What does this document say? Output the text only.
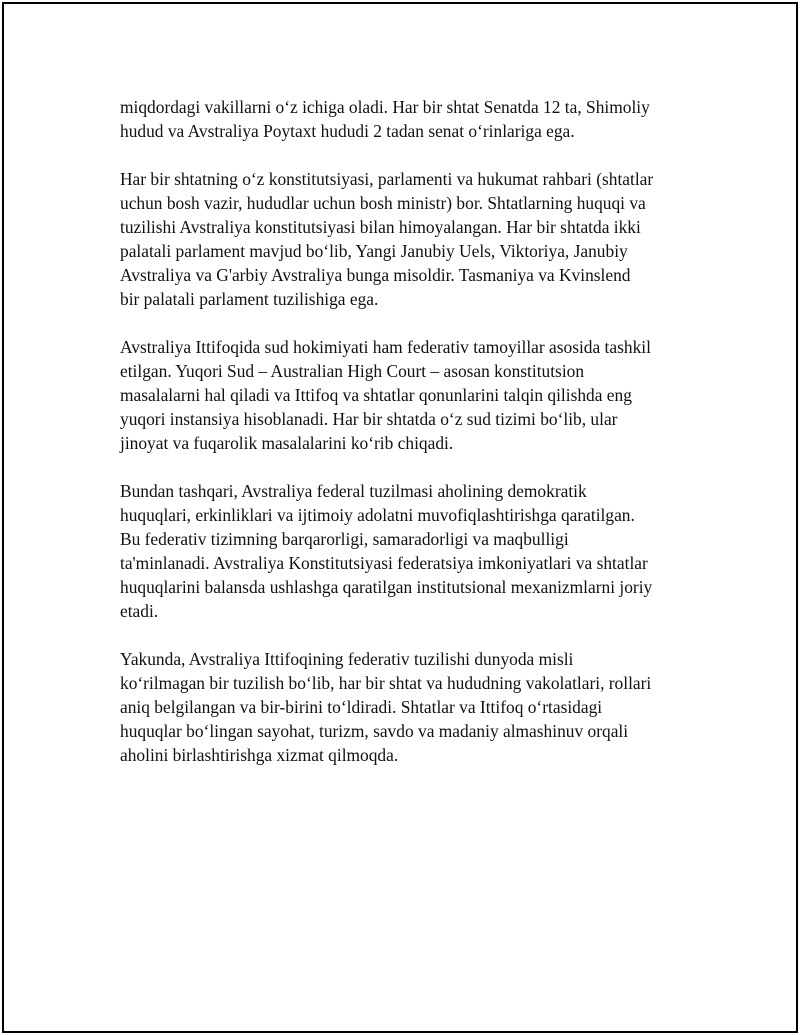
miqdordagi vakillarni o‘z ichiga oladi. Har bir shtat Senatda 12 ta, Shimoliy
hudud va Avstraliya Poytaxt hududi 2 tadan senat o‘rinlariga ega.

Har bir shtatning o‘z konstitutsiyasi, parlamenti va hukumat rahbari (shtatlar
uchun bosh vazir, hududlar uchun bosh ministr) bor. Shtatlarning huquqi va
tuzilishi Avstraliya konstitutsiyasi bilan himoyalangan. Har bir shtatda ikki
palatali parlament mavjud bo‘lib, Yangi Janubiy Uels, Viktoriya, Janubiy
Avstraliya va G'arbiy Avstraliya bunga misoldir. Tasmaniya va Kvinslend
bir palatali parlament tuzilishiga ega.

Avstraliya Ittifoqida sud hokimiyati ham federativ tamoyillar asosida tashkil
etilgan. Yuqori Sud – Australian High Court – asosan konstitutsion
masalalarni hal qiladi va Ittifoq va shtatlar qonunlarini talqin qilishda eng
yuqori instansiya hisoblanadi. Har bir shtatda o‘z sud tizimi bo‘lib, ular
jinoyat va fuqarolik masalalarini ko‘rib chiqadi.

Bundan tashqari, Avstraliya federal tuzilmasi aholining demokratik
huquqlari, erkinliklari va ijtimoiy adolatni muvofiqlashtirishga qaratilgan.
Bu federativ tizimning barqarorligi, samaradorligi va maqbulligi
ta'minlanadi. Avstraliya Konstitutsiyasi federatsiya imkoniyatlari va shtatlar
huquqlarini balansda ushlashga qaratilgan institutsional mexanizmlarni joriy
etadi.

Yakunda, Avstraliya Ittifoqining federativ tuzilishi dunyoda misli
ko‘rilmagan bir tuzilish bo‘lib, har bir shtat va hududning vakolatlari, rollari
aniq belgilangan va bir-birini to‘ldiradi. Shtatlar va Ittifoq o‘rtasidagi
huquqlar bo‘lingan sayohat, turizm, savdo va madaniy almashinuv orqali
aholini birlashtirishga xizmat qilmoqda.
